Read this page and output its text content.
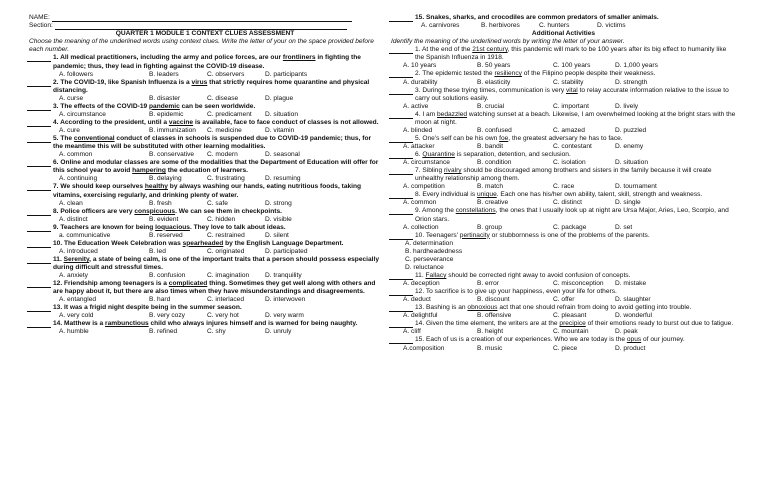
NAME:
Section:
QUARTER 1 MODULE 1 CONTEXT CLUES ASSESSMENT
Choose the meaning of the underlined words using context clues. Write the letter of your on the space provided before each number.
1. All medical practitioners, including the army and police forces, are our frontliners in fighting the pandemic; thus, they lead in fighting against the COVID-19 disease.
A. followers	B. leaders	C. observers	D. participants
2. The COVID-19, like Spanish Influenza is a virus that strictly requires home quarantine and physical distancing.
A. curse	B. disaster	C. disease	D. plague
3. The effects of the COVID-19 pandemic can be seen worldwide.
A. circumstance	B. epidemic	C. predicament D. situation
4. According to the president, until a vaccine is available, face to face conduct of classes is not allowed.
A. cure	B. immunization C. medicine	D. vitamin
5. The conventional conduct of classes in schools is suspended due to COVID-19 pandemic; thus, for the meantime this will be substituted with other learning modalities.
A. common	B. conservative C. modern	D. seasonal
6. Online and modular classes are some of the modalities that the Department of Education will offer for this school year to avoid hampering the education of learners.
A. continuing	B. delaying	C. frustrating	D. resuming
7. We should keep ourselves healthy by always washing our hands, eating nutritious foods, taking vitamins, exercising regularly, and drinking plenty of water.
A. clean	B. fresh	C. safe	D. strong
8. Police officers are very conspicuous. We can see them in checkpoints.
A. distinct	B. evident	C. hidden	D. visible
9. Teachers are known for being loquacious. They love to talk about ideas.
a. communicative	B. reserved	C. restrained	D. silent
10. The Education Week Celebration was spearheaded by the English Language Department.
A. introduced	B. led	C. originated	D. participated
11. Serenity, a state of being calm, is one of the important traits that a person should possess especially during difficult and stressful times.
A. anxiety	B. confusion	C. imagination D. tranquility
12. Friendship among teenagers is a complicated thing. Sometimes they get well along with others and are happy about it, but there are also times when they have misunderstandings and disagreements.
A. entangled	B. hard	C. interlaced	D. interwoven
13. It was a frigid night despite being in the summer season.
A. very cold	B. very cozy	C. very hot	D. very warm
14. Matthew is a rambunctious child who always injures himself and is warned for being naughty.
A. humble	B. refined	C. shy	D. unruly
15. Snakes, sharks, and crocodiles are common predators of smaller animals.
A. carnivores	B. herbivores	C. hunters	D. victims
Additional Activities
Identify the meaning of the underlined words by writing the letter of your answer.
1. At the end of the 21st century, this pandemic will mark to be 100 years after its big effect to humanity like the Spanish Influenza in 1918.
A. 10 years	B. 50 years	C. 100 years	D. 1,000 years
2. The epidemic tested the resiliency of the Filipino people despite their weakness.
A. durability	B. elasticity	C. stability	D. strength
3. During these trying times, communication is very vital to relay accurate information relative to the issue to carry out solutions easily.
A. active	B. crucial	C. important	D. lively
4. I am bedazzled watching sunset at a beach. Likewise, I am overwhelmed looking at the bright stars with the moon at night.
A. blinded	B. confused	C. amazed	D. puzzled
5. One's self can be his own foe, the greatest adversary he has to face.
A. attacker	B. bandit	C. contestant	D. enemy
6. Quarantine is separation, detention, and seclusion.
A. circumstance	B. condition	C. isolation	D. situation
7. Sibling rivalry should be discouraged among brothers and sisters in the family because it will create unhealthy relationship among them.
A. competition	B. match	C. race	D. tournament
8. Every individual is unique. Each one has his/her own ability, talent, skill, strength and weakness.
A. common	B. creative	C. distinct	D. single
9. Among the constellations, the ones that I usually look up at night are Ursa Major, Aries, Leo, Scorpio, and Orion stars.
A. collection	B. group	C. package	D. set
10. Teenagers' pertinacity or stubbornness is one of the problems of the parents.
A. determination
B. hardheadedness
C. perseverance
D. reluctance
11. Fallacy should be corrected right away to avoid confusion of concepts.
A. deception	B. error	C. misconception D. mistake
12. To sacrifice is to give up your happiness, even your life for others.
A. deduct	B. discount	C. offer	D. slaughter
13. Bashing is an obnoxious act that one should refrain from doing to avoid getting into trouble.
A. delightful	B. offensive	C. pleasant	D. wonderful
14. Given the time element, the writers are at the precipice of their emotions ready to burst out due to fatigue.
A. cliff	B. height	C. mountain	D. peak
15. Each of us is a creation of our experiences. Who we are today is the opus of our journey.
A.composition	B. music	C. piece	D. product
